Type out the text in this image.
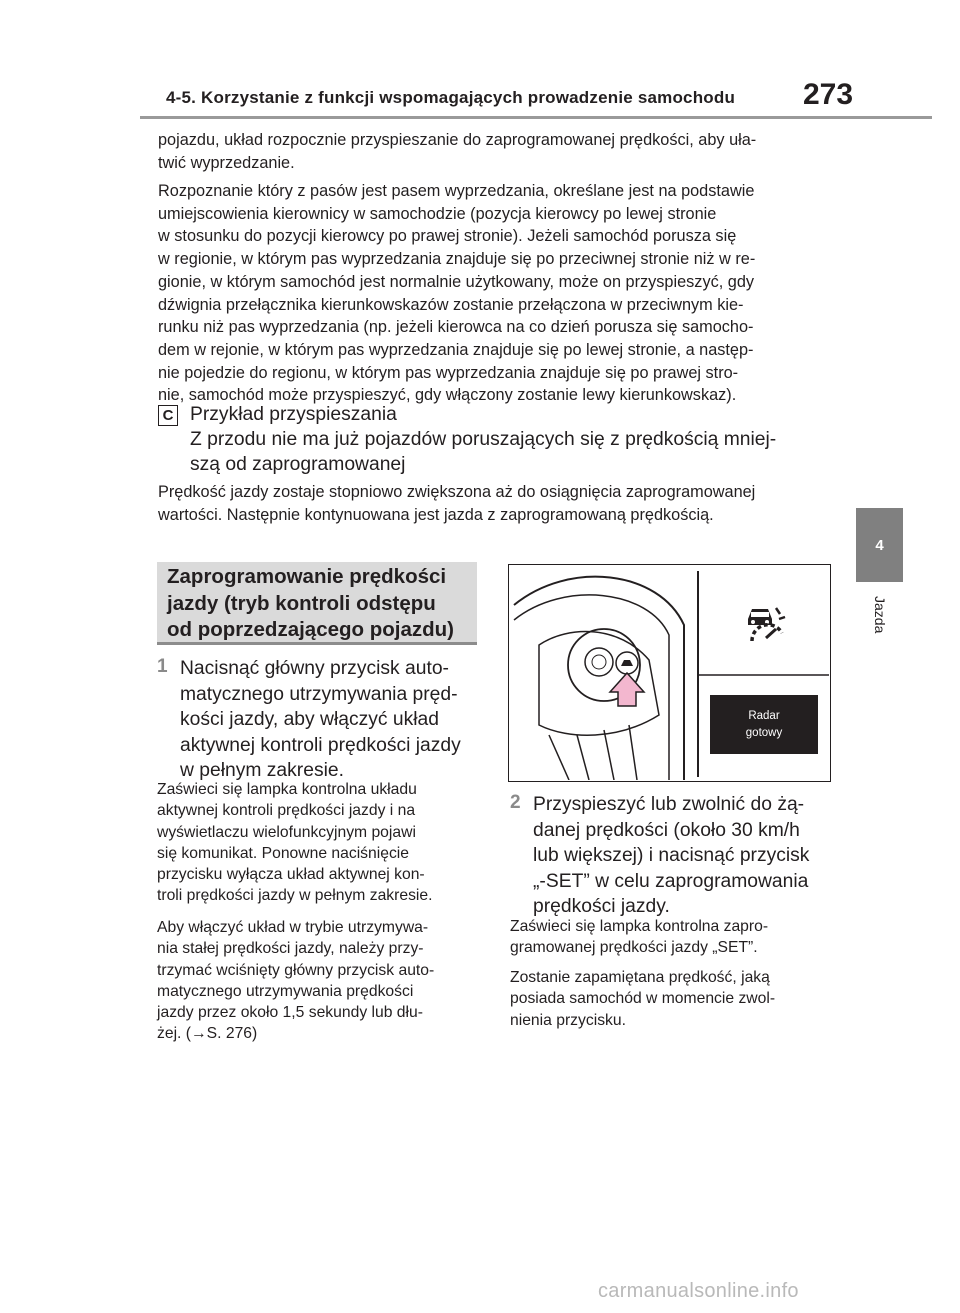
4-5. Korzystanie z funkcji wspomagających prowadzenie samochodu 273
4
Jazda
pojazdu, układ rozpocznie przyspieszanie do zaprogramowanej prędkości, aby uła-
twić wyprzedzanie.
Rozpoznanie który z pasów jest pasem wyprzedzania, określane jest na podstawie
umiejscowienia kierownicy w samochodzie (pozycja kierowcy po lewej stronie
w stosunku do pozycji kierowcy po prawej stronie). Jeżeli samochód porusza się
w regionie, w którym pas wyprzedzania znajduje się po przeciwnej stronie niż w re-
gionie, w którym samochód jest normalnie użytkowany, może on przyspieszyć, gdy
dźwignia przełącznika kierunkowskazów zostanie przełączona w przeciwnym kie-
runku niż pas wyprzedzania (np. jeżeli kierowca na co dzień porusza się samocho-
dem w rejonie, w którym pas wyprzedzania znajduje się po lewej stronie, a następ-
nie pojedzie do regionu, w którym pas wyprzedzania znajduje się po prawej stro-
nie, samochód może przyspieszyć, gdy włączony zostanie lewy kierunkowskaz).
C Przykład przyspieszania
Z przodu nie ma już pojazdów poruszających się z prędkością mniej-
szą od zaprogramowanej
Prędkość jazdy zostaje stopniowo zwiększona aż do osiągnięcia zaprogramowanej
wartości. Następnie kontynuowana jest jazda z zaprogramowaną prędkością.
Zaprogramowanie prędkości
jazdy (tryb kontroli odstępu
od poprzedzającego pojazdu)
1 Nacisnąć główny przycisk auto-
matycznego utrzymywania pręd-
kości jazdy, aby włączyć układ
aktywnej kontroli prędkości jazdy
w pełnym zakresie.
Zaświeci się lampka kontrolna układu
aktywnej kontroli prędkości jazdy i na
wyświetlaczu wielofunkcyjnym pojawi
się komunikat. Ponowne naciśnięcie
przycisku wyłącza układ aktywnej kon-
troli prędkości jazdy w pełnym zakresie.
Aby włączyć układ w trybie utrzymywa-
nia stałej prędkości jazdy, należy przy-
trzymać wciśnięty główny przycisk auto-
matycznego utrzymywania prędkości
jazdy przez około 1,5 sekundy lub dłu-
żej. (→S. 276)
Radar
gotowy
2 Przyspieszyć lub zwolnić do żą-
danej prędkości (około 30 km/h
lub większej) i nacisnąć przycisk
„-SET” w celu zaprogramowania
prędkości jazdy.
Zaświeci się lampka kontrolna zapro-
gramowanej prędkości jazdy „SET”.
Zostanie zapamiętana prędkość, jaką
posiada samochód w momencie zwol-
nienia przycisku.
carmanualsonline.info
